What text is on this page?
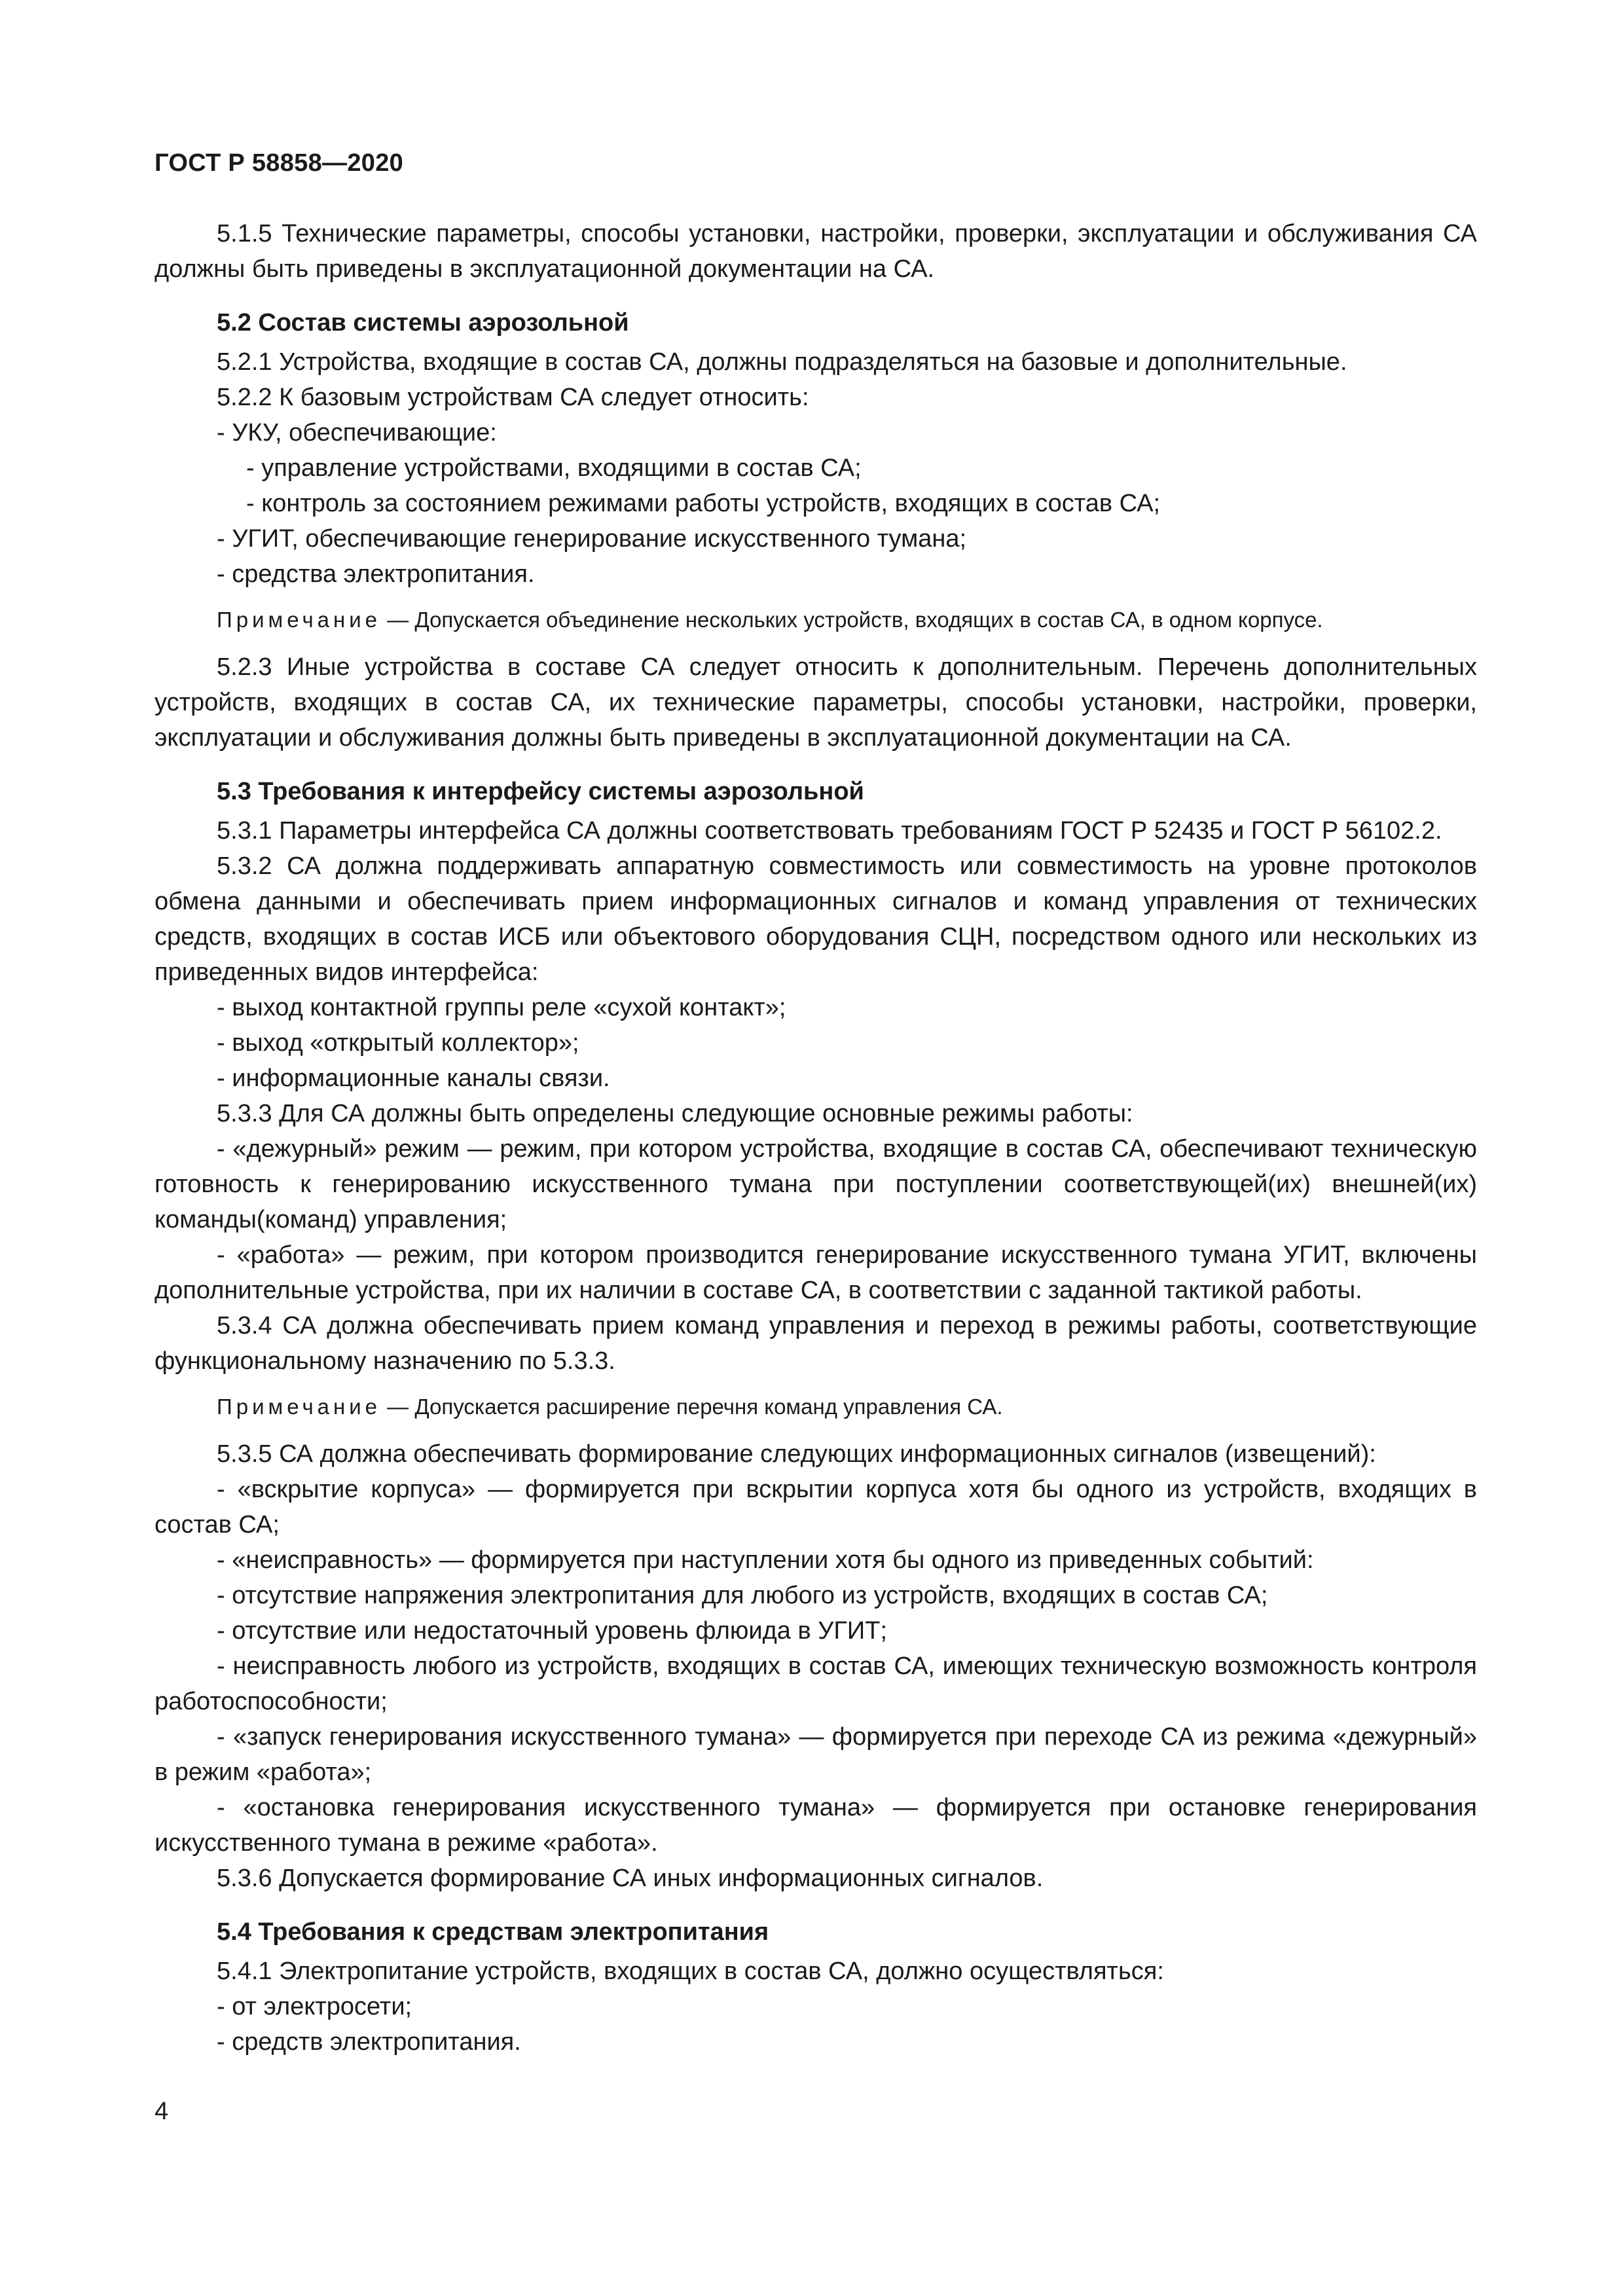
ГОСТ Р 58858—2020

5.1.5 Технические параметры, способы установки, настройки, проверки, эксплуатации и обслуживания СА должны быть приведены в эксплуатационной документации на СА.

5.2 Состав системы аэрозольной

5.2.1 Устройства, входящие в состав СА, должны подразделяться на базовые и дополнительные.

5.2.2 К базовым устройствам СА следует относить:

- УКУ, обеспечивающие:

- управление устройствами, входящими в состав СА;

- контроль за состоянием режимами работы устройств, входящих в состав СА;

- УГИТ, обеспечивающие генерирование искусственного тумана;

- средства электропитания.

Примечание — Допускается объединение нескольких устройств, входящих в состав СА, в одном корпусе.

5.2.3 Иные устройства в составе СА следует относить к дополнительным. Перечень дополнительных устройств, входящих в состав СА, их технические параметры, способы установки, настройки, проверки, эксплуатации и обслуживания должны быть приведены в эксплуатационной документации на СА.

5.3 Требования к интерфейсу системы аэрозольной

5.3.1 Параметры интерфейса СА должны соответствовать требованиям ГОСТ Р 52435 и ГОСТ Р 56102.2.

5.3.2 СА должна поддерживать аппаратную совместимость или совместимость на уровне протоколов обмена данными и обеспечивать прием информационных сигналов и команд управления от технических средств, входящих в состав ИСБ или объектового оборудования СЦН, посредством одного или нескольких из приведенных видов интерфейса:

- выход контактной группы реле «сухой контакт»;

- выход «открытый коллектор»;

- информационные каналы связи.

5.3.3 Для СА должны быть определены следующие основные режимы работы:

- «дежурный» режим — режим, при котором устройства, входящие в состав СА, обеспечивают техническую готовность к генерированию искусственного тумана при поступлении соответствующей(их) внешней(их) команды(команд) управления;

- «работа» — режим, при котором производится генерирование искусственного тумана УГИТ, включены дополнительные устройства, при их наличии в составе СА, в соответствии с заданной тактикой работы.

5.3.4 СА должна обеспечивать прием команд управления и переход в режимы работы, соответствующие функциональному назначению по 5.3.3.

Примечание — Допускается расширение перечня команд управления СА.

5.3.5 СА должна обеспечивать формирование следующих информационных сигналов (извещений):

- «вскрытие корпуса» — формируется при вскрытии корпуса хотя бы одного из устройств, входящих в состав СА;

- «неисправность» — формируется при наступлении хотя бы одного из приведенных событий:

- отсутствие напряжения электропитания для любого из устройств, входящих в состав СА;

- отсутствие или недостаточный уровень флюида в УГИТ;

- неисправность любого из устройств, входящих в состав СА, имеющих техническую возможность контроля работоспособности;

- «запуск генерирования искусственного тумана» — формируется при переходе СА из режима «дежурный» в режим «работа»;

- «остановка генерирования искусственного тумана» — формируется при остановке генерирования искусственного тумана в режиме «работа».

5.3.6 Допускается формирование СА иных информационных сигналов.

5.4 Требования к средствам электропитания

5.4.1 Электропитание устройств, входящих в состав СА, должно осуществляться:

- от электросети;

- средств электропитания.

4
